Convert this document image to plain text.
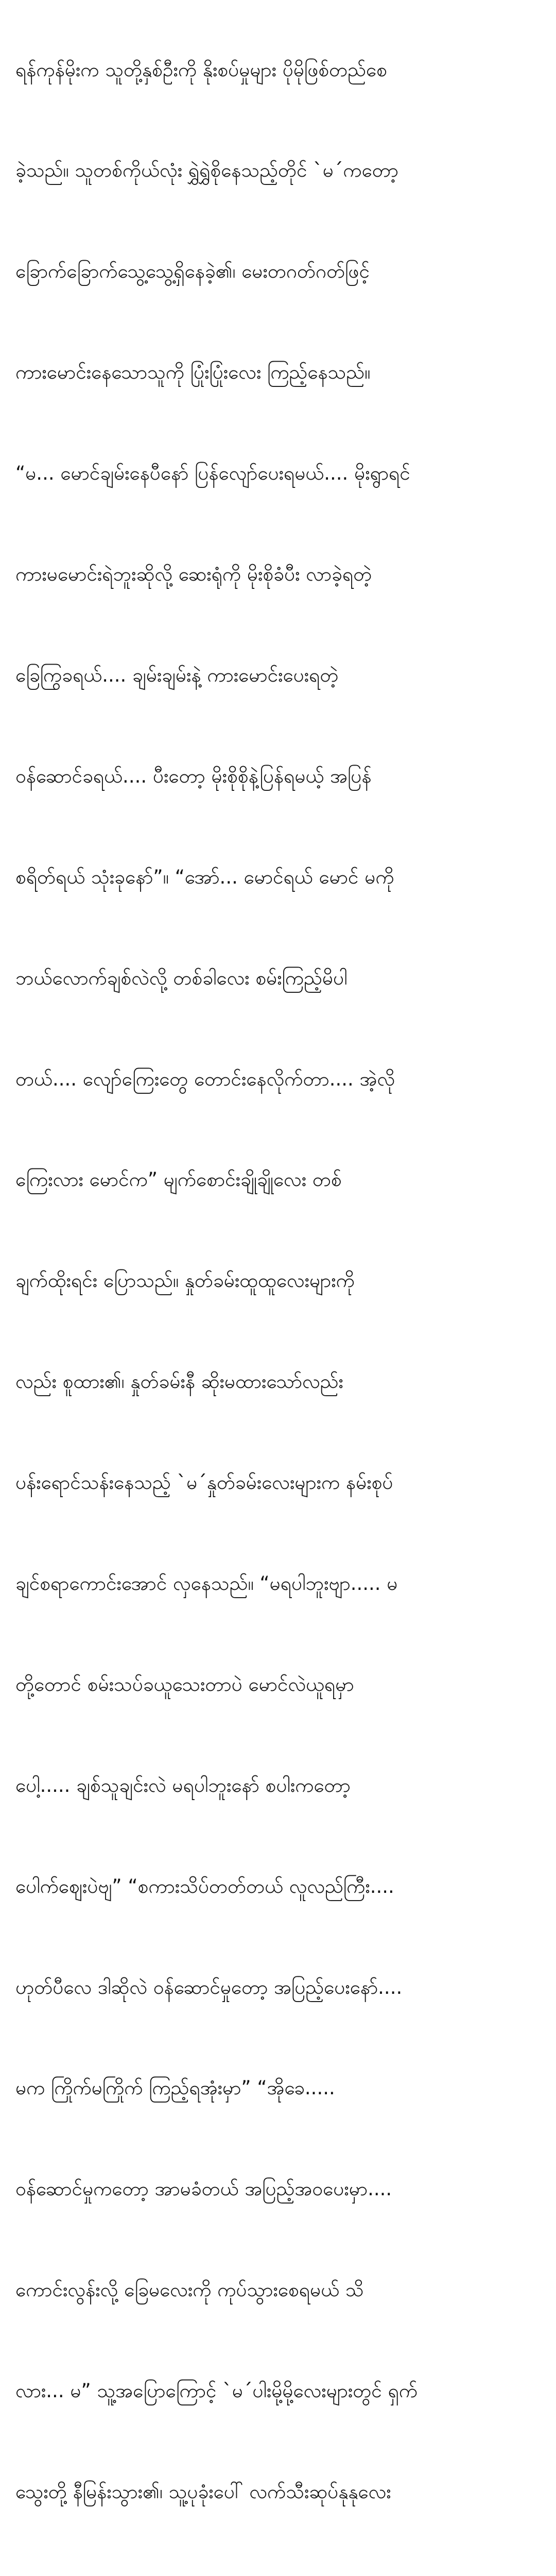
ရန်ကုန်မိုးက သူတို့နှစ်ဦးကို နိုးစပ်မှုများ ပိုမိုဖြစ်တည်စေ

ခဲ့သည်။ သူတစ်ကိုယ်လုံး ရွှဲရွှဲစိုနေသည့်တိုင် `မ´ကတော့

ခြောက်ခြောက်သွေ့သွေ့ရှိနေခဲ့၏၊ မေးတဂတ်ဂတ်ဖြင့်

ကားမောင်းနေသောသူကို ပြုံးပြုံးလေး ကြည့်နေသည်။

“မ... မောင်ချမ်းနေပီနော် ပြန်လျော်ပေးရမယ်.... မိုးရွာရင်

ကားမမောင်းရဲဘူးဆိုလို့ ဆေးရုံကို မိုးစိုခံပီး လာခဲ့ရတဲ့

ခြေကြွခရယ်.... ချမ်းချမ်းနဲ့ ကားမောင်းပေးရတဲ့

ဝန်ဆောင်ခရယ်.... ပီးတော့ မိုးစိုစိုနဲ့ပြန်ရမယ့် အပြန်

စရိတ်ရယ် သုံးခုနော်”။ “အော်... မောင်ရယ် မောင် မကို

ဘယ်လောက်ချစ်လဲလို့ တစ်ခါလေး စမ်းကြည့်မိပါ

တယ်.... လျော်ကြေးတွေ တောင်းနေလိုက်တာ.... အဲ့လို

ကြေးလား မောင်က” မျက်စောင်းချိုချိုလေး တစ်

ချက်ထိုးရင်း ပြောသည်။ နှုတ်ခမ်းထူထူလေးများကို

လည်း စူထား၏၊ နှုတ်ခမ်းနီ ဆိုးမထားသော်လည်း

ပန်းရောင်သန်းနေသည့် `မ´နှုတ်ခမ်းလေးများက နမ်းစုပ်

ချင်စရာကောင်းအောင် လှနေသည်။ “မရပါဘူးဗျာ..... မ

တို့တောင် စမ်းသပ်ခယူသေးတာပဲ မောင်လဲယူရမှာ

ပေါ့..... ချစ်သူချင်းလဲ မရပါဘူးနော် စပါးကတော့

ပေါက်ဈေးပဲဗျ” “စကားသိပ်တတ်တယ် လူလည်ကြီး....

ဟုတ်ပီလေ ဒါဆိုလဲ ဝန်ဆောင်မှုတော့ အပြည့်ပေးနော်....

မက ကြိုက်မကြိုက် ကြည့်ရအုံးမှာ” “အိုခေ.....

ဝန်ဆောင်မှုကတော့ အာမခံတယ် အပြည့်အဝပေးမှာ....

ကောင်းလွန်းလို့ ခြေမလေးကို ကုပ်သွားစေရမယ် သိ

လား... မ” သူ့အပြောကြောင့် `မ´ပါးမို့မို့လေးများတွင် ရှက်

သွေးတို့ နီမြန်းသွား၏၊ သူ့ပုခုံးပေါ် လက်သီးဆုပ်နုနုလေး
